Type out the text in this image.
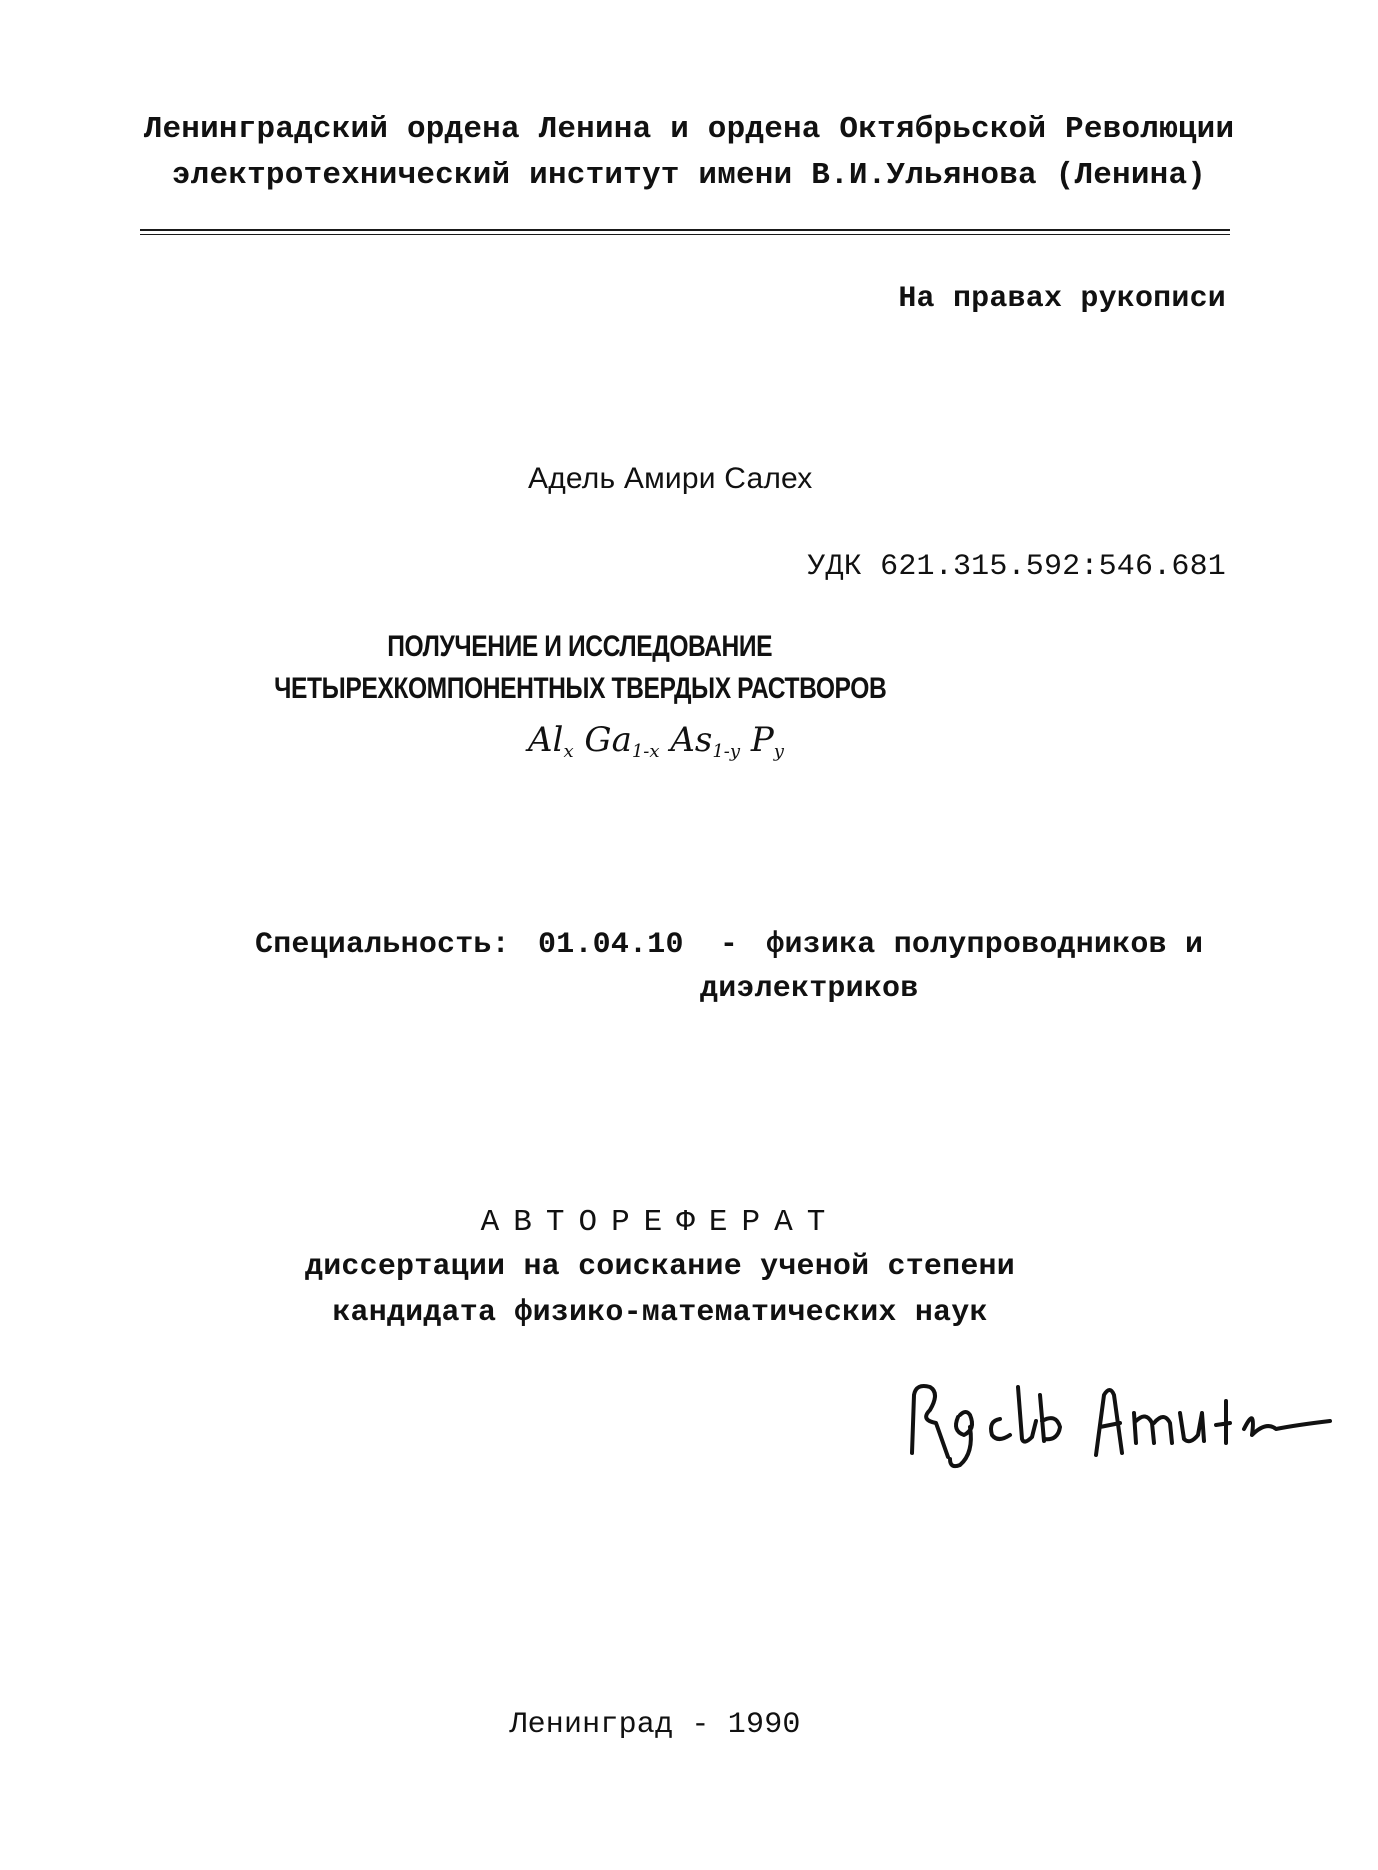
Ленинградский ордена Ленина и ордена Октябрьской Революции
электротехнический институт имени В.И.Ульянова (Ленина)
На правах рукописи
Адель Амири Салех
УДК 621.315.592:546.681
ПОЛУЧЕНИЕ И ИССЛЕДОВАНИЕ
ЧЕТЫРЕХКОМПОНЕНТНЫХ ТВЕРДЫХ РАСТВОРОВ
$Al_x$ $Ga_{1-x}$ $As_{1-y}$ $P_y$
Специальность: 01.04.10 - физика полупроводников и
диэлектриков
АВТОРЕФЕРАТ
диссертации на соискание ученой степени
кандидата физико-математических наук
Ленинград - 1990
